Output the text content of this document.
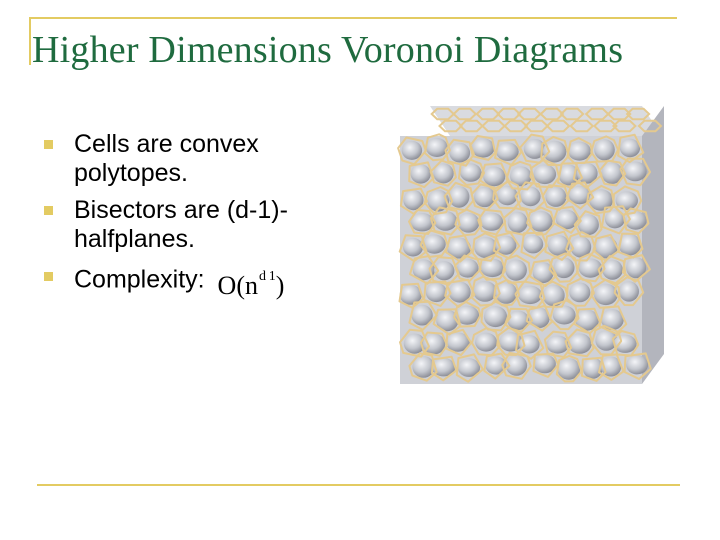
Higher Dimensions Voronoi Diagrams
Cells are convex polytopes.
Bisectors are (d-1)-halfplanes.
Complexity: $O(n^{d 1})$
